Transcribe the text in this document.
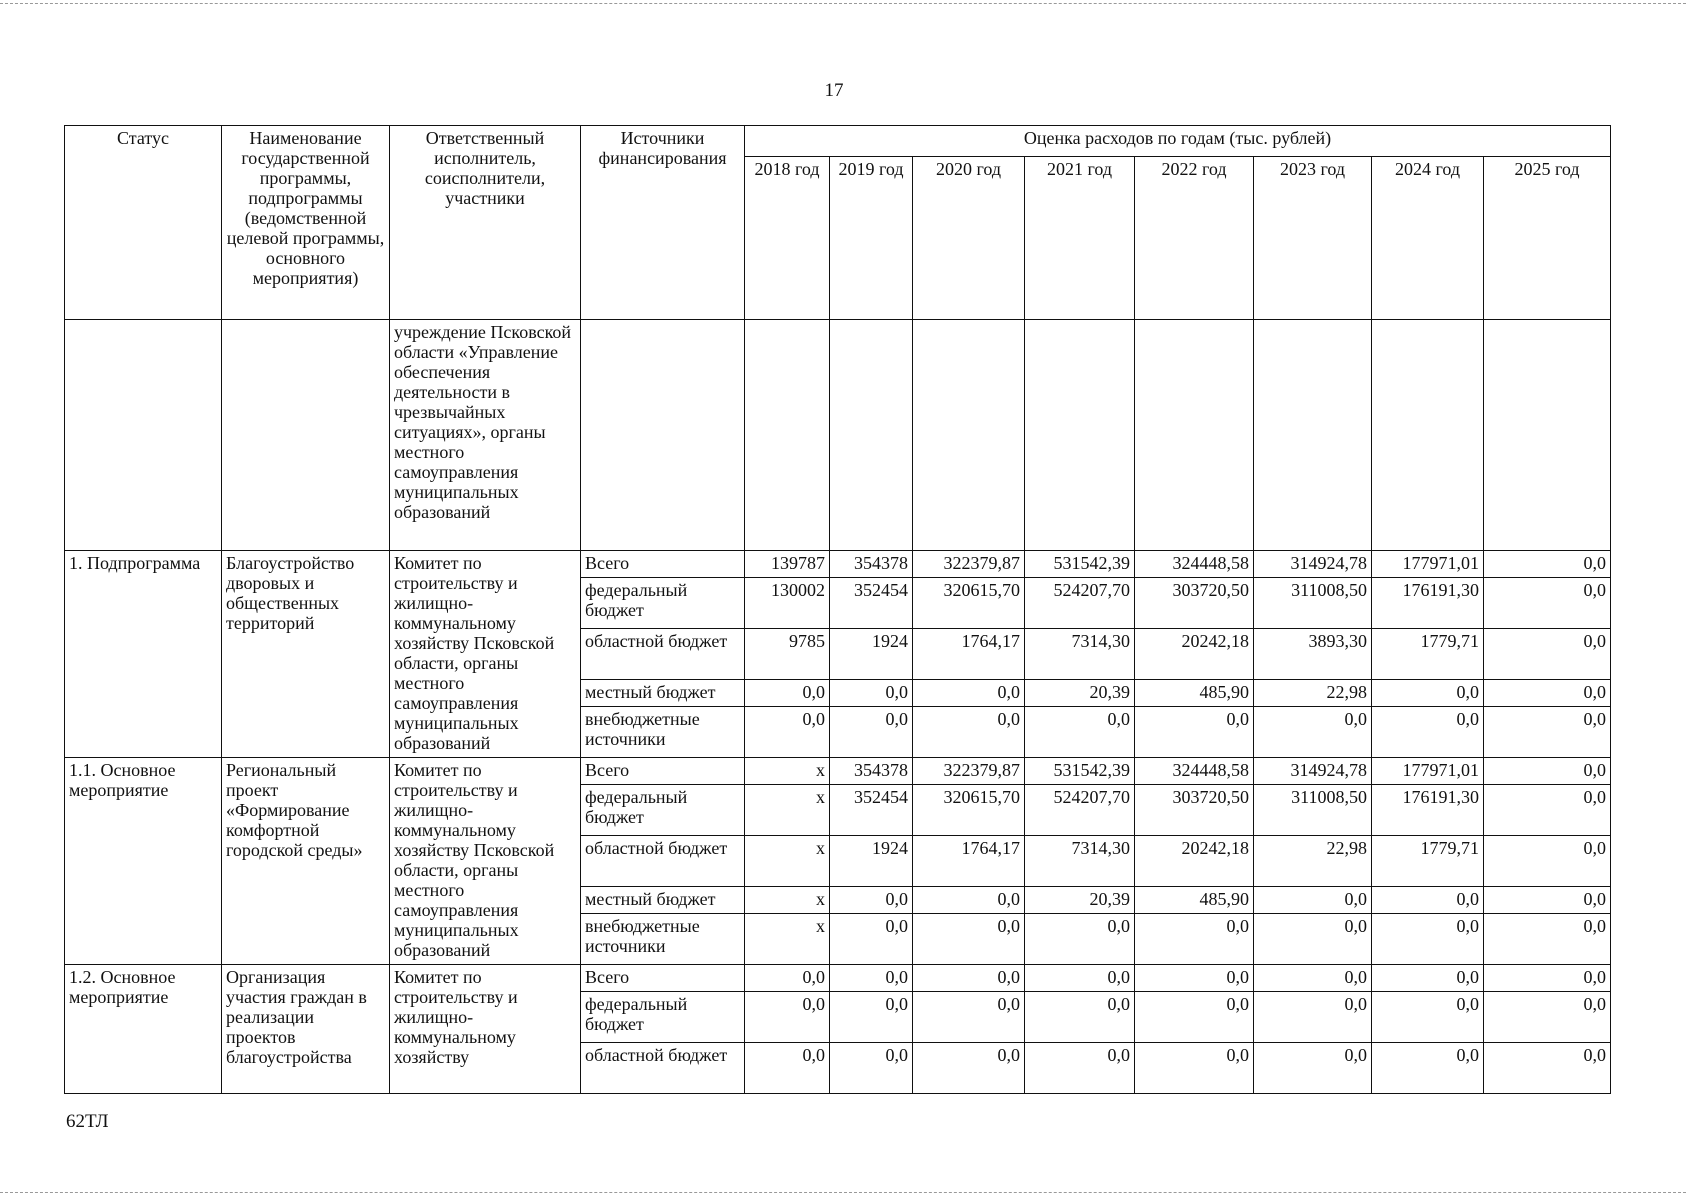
17
Статус	Наименование государственной программы, подпрограммы (ведомственной целевой программы, основного мероприятия)	Ответственный исполнитель, соисполнители, участники	Источники финансирования	Оценка расходов по годам (тыс. рублей)							
				2018 год	2019 год	2020 год	2021 год	2022 год	2023 год	2024 год	2025 год
		учреждение Псковской области «Управление обеспечения деятельности в чрезвычайных ситуациях», органы местного самоуправления муниципальных образований									
1. Подпрограмма	Благоустройство дворовых и общественных территорий	Комитет по строительству и жилищно-коммунальному хозяйству Псковской области, органы местного самоуправления муниципальных образований	Всего	139787	354378	322379,87	531542,39	324448,58	314924,78	177971,01	0,0
			федеральный бюджет	130002	352454	320615,70	524207,70	303720,50	311008,50	176191,30	0,0
			областной бюджет	9785	1924	1764,17	7314,30	20242,18	3893,30	1779,71	0,0
			местный бюджет	0,0	0,0	0,0	20,39	485,90	22,98	0,0	0,0
			внебюджетные источники	0,0	0,0	0,0	0,0	0,0	0,0	0,0	0,0
1.1. Основное мероприятие	Региональный проект «Формирование комфортной городской среды»	Комитет по строительству и жилищно-коммунальному хозяйству Псковской области, органы местного самоуправления муниципальных образований	Всего	x	354378	322379,87	531542,39	324448,58	314924,78	177971,01	0,0
			федеральный бюджет	x	352454	320615,70	524207,70	303720,50	311008,50	176191,30	0,0
			областной бюджет	x	1924	1764,17	7314,30	20242,18	22,98	1779,71	0,0
			местный бюджет	x	0,0	0,0	20,39	485,90	0,0	0,0	0,0
			внебюджетные источники	x	0,0	0,0	0,0	0,0	0,0	0,0	0,0
1.2. Основное мероприятие	Организация участия граждан в реализации проектов благоустройства	Комитет по строительству и жилищно-коммунальному хозяйству	Всего	0,0	0,0	0,0	0,0	0,0	0,0	0,0	0,0
			федеральный бюджет	0,0	0,0	0,0	0,0	0,0	0,0	0,0	0,0
			областной бюджет	0,0	0,0	0,0	0,0	0,0	0,0	0,0	0,0
62ТЛ
